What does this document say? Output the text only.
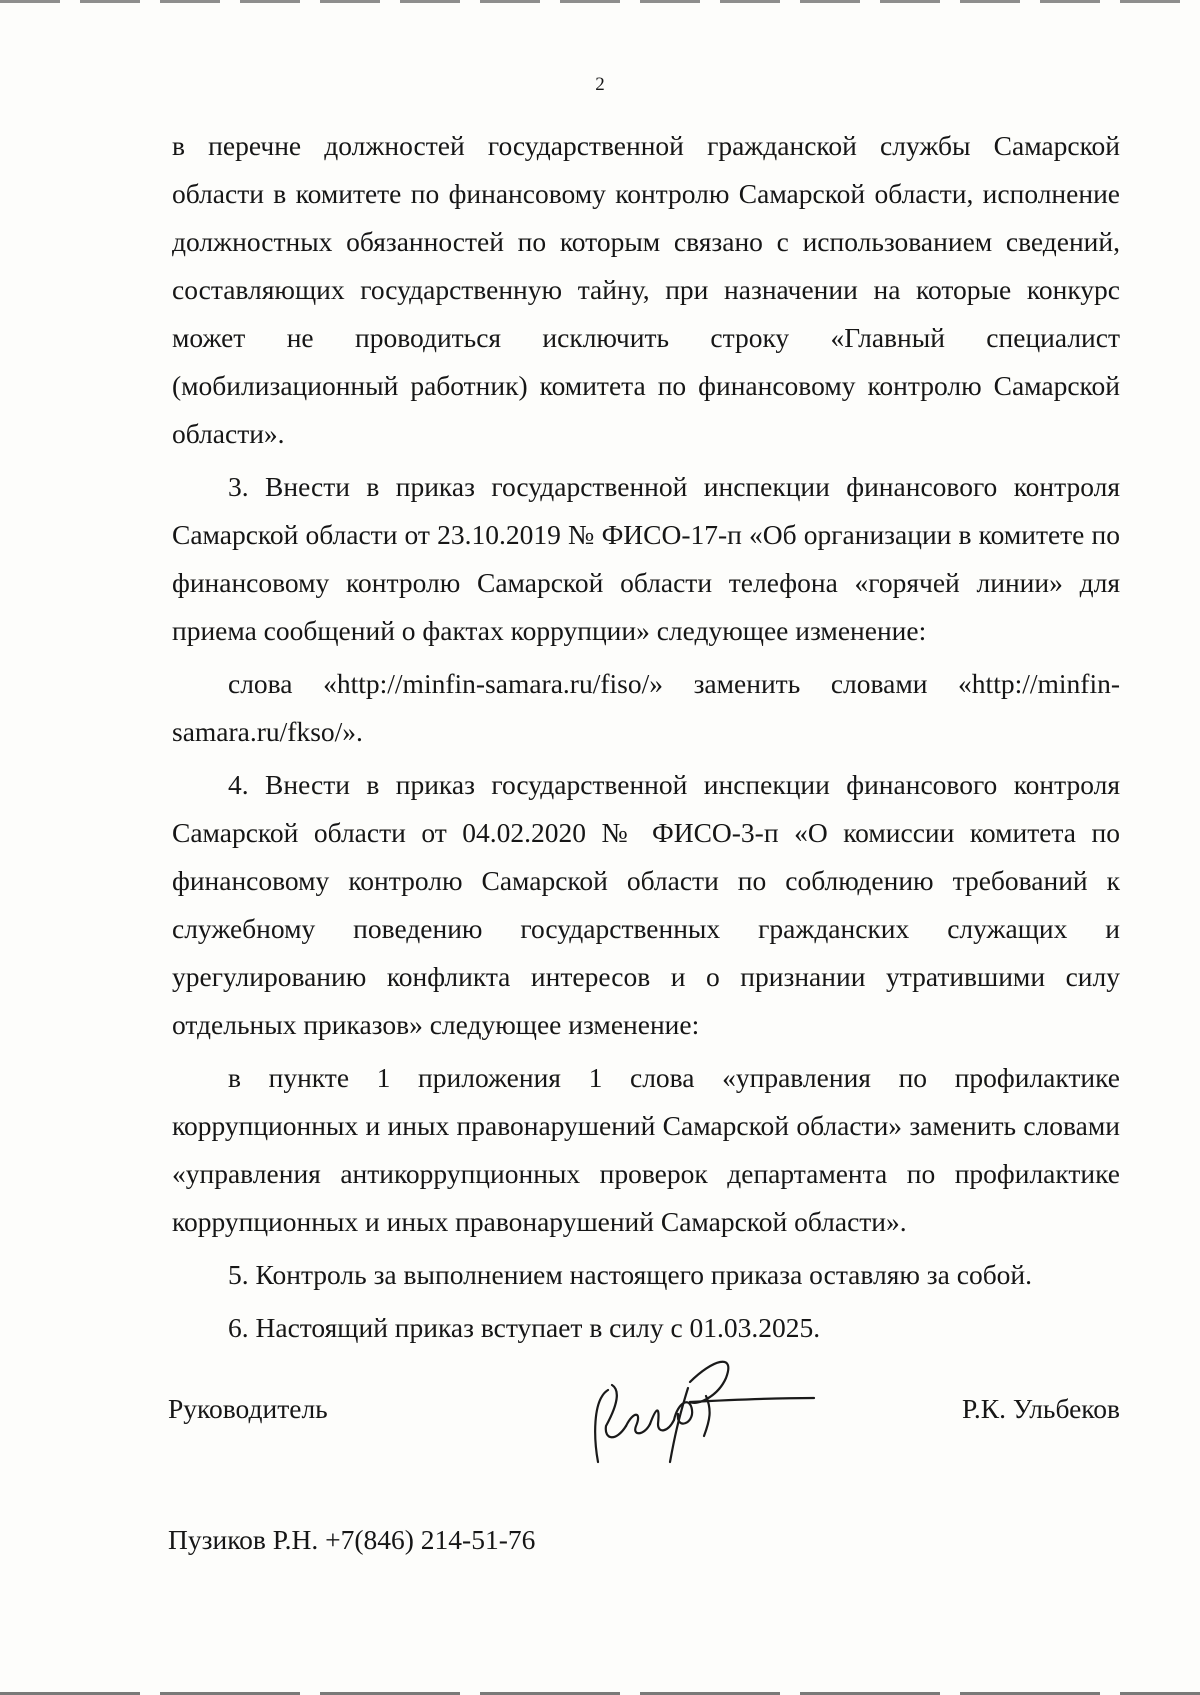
2

в перечне должностей государственной гражданской службы Самарской области в комитете по финансовому контролю Самарской области, исполнение должностных обязанностей по которым связано с использованием сведений, составляющих государственную тайну, при назначении на которые конкурс может не проводиться исключить строку «Главный специалист (мобилизационный работник) комитета по финансовому контролю Самарской области».

3. Внести в приказ государственной инспекции финансового контроля Самарской области от 23.10.2019 № ФИСО-17-п «Об организации в комитете по финансовому контролю Самарской области телефона «горячей линии» для приема сообщений о фактах коррупции» следующее изменение:

слова «http://minfin-samara.ru/fiso/» заменить словами «http://minfin-samara.ru/fkso/».

4. Внести в приказ государственной инспекции финансового контроля Самарской области от 04.02.2020 № ФИСО-3-п «О комиссии комитета по финансовому контролю Самарской области по соблюдению требований к служебному поведению государственных гражданских служащих и урегулированию конфликта интересов и о признании утратившими силу отдельных приказов» следующее изменение:

в пункте 1 приложения 1 слова «управления по профилактике коррупционных и иных правонарушений Самарской области» заменить словами «управления антикоррупционных проверок департамента по профилактике коррупционных и иных правонарушений Самарской области».

5. Контроль за выполнением настоящего приказа оставляю за собой.

6. Настоящий приказ вступает в силу с 01.03.2025.

Руководитель	Р.К. Ульбеков
Пузиков Р.Н. +7(846) 214-51-76
